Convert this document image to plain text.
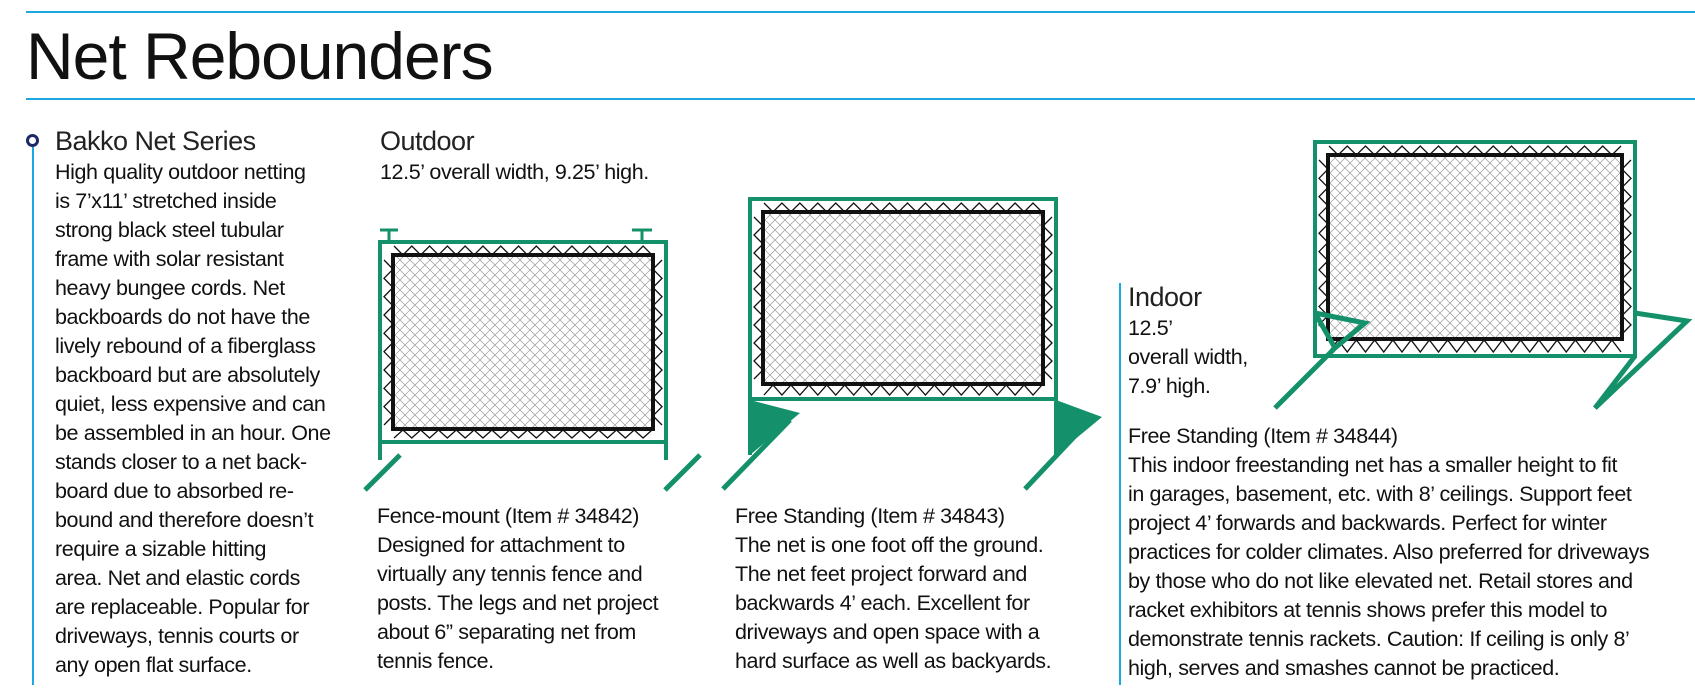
Net Rebounders
Bakko Net Series
High quality outdoor netting
is 7’x11’ stretched inside
strong black steel tubular
frame with solar resistant
heavy bungee cords. Net
backboards do not have the
lively rebound of a fiberglass
backboard but are absolutely
quiet, less expensive and can
be assembled in an hour. One
stands closer to a net back-
board due to absorbed re-
bound and therefore doesn’t
require a sizable hitting
area. Net and elastic cords
are replaceable. Popular for
driveways, tennis courts or
any open flat surface.
Outdoor
12.5’ overall width, 9.25’ high.
Fence-mount (Item # 34842)
Designed for attachment to
virtually any tennis fence and
posts. The legs and net project
about 6” separating net from
tennis fence.
Free Standing (Item # 34843)
The net is one foot off the ground.
The net feet project forward and
backwards 4’ each. Excellent for
driveways and open space with a
hard surface as well as backyards.
Indoor
12.5’
overall width,
7.9’ high.
Free Standing (Item # 34844)
This indoor freestanding net has a smaller height to fit
in garages, basement, etc. with 8’ ceilings. Support feet
project 4’ forwards and backwards. Perfect for winter
practices for colder climates. Also preferred for driveways
by those who do not like elevated net. Retail stores and
racket exhibitors at tennis shows prefer this model to
demonstrate tennis rackets. Caution: If ceiling is only 8’
high, serves and smashes cannot be practiced.
